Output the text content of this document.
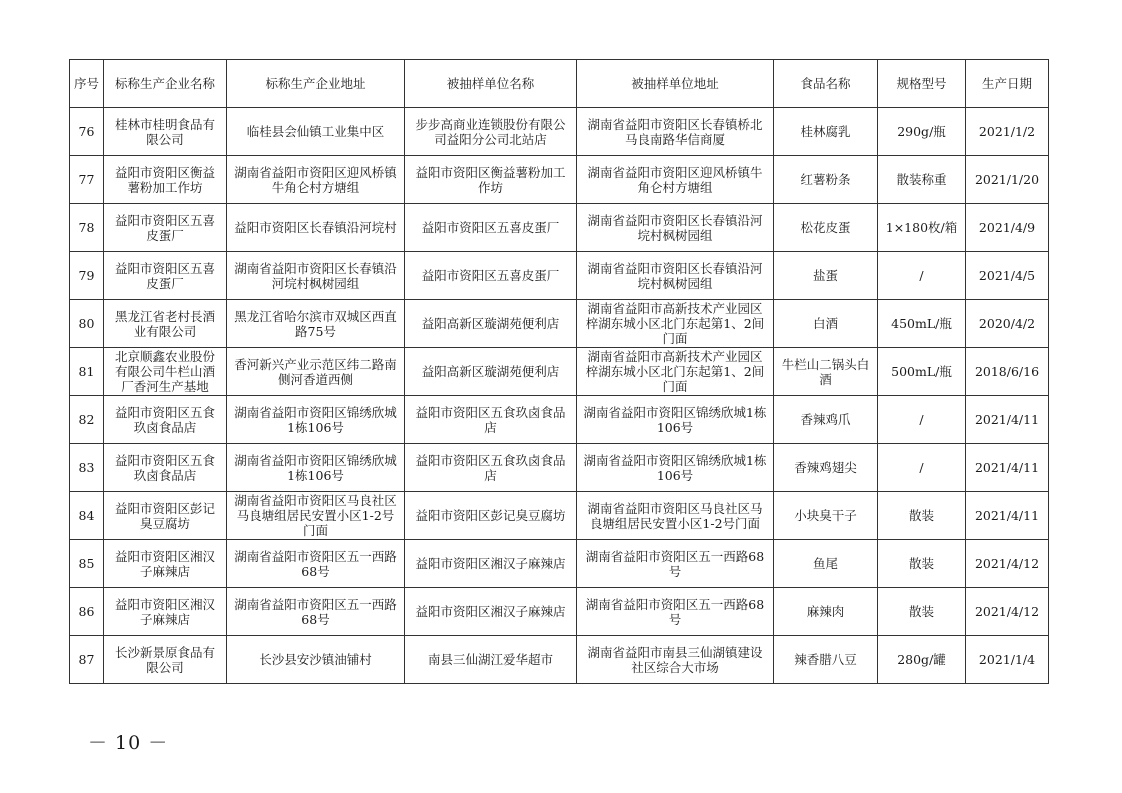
序号	标称生产企业名称	标称生产企业地址	被抽样单位名称	被抽样单位地址	食品名称	规格型号	生产日期
76	桂林市桂明食品有限公司	临桂县会仙镇工业集中区	步步高商业连锁股份有限公司益阳分公司北站店	湖南省益阳市资阳区长春镇桥北马良南路华信商厦	桂林腐乳	290g/瓶	2021/1/2
77	益阳市资阳区衡益薯粉加工作坊	湖南省益阳市资阳区迎风桥镇牛角仑村方塘组	益阳市资阳区衡益薯粉加工作坊	湖南省益阳市资阳区迎风桥镇牛角仑村方塘组	红薯粉条	散装称重	2021/1/20
78	益阳市资阳区五喜皮蛋厂	益阳市资阳区长春镇沿河垸村	益阳市资阳区五喜皮蛋厂	湖南省益阳市资阳区长春镇沿河垸村枫树园组	松花皮蛋	1×180枚/箱	2021/4/9
79	益阳市资阳区五喜皮蛋厂	湖南省益阳市资阳区长春镇沿河垸村枫树园组	益阳市资阳区五喜皮蛋厂	湖南省益阳市资阳区长春镇沿河垸村枫树园组	盐蛋	/	2021/4/5
80	黑龙江省老村長酒业有限公司	黑龙江省哈尔滨市双城区西直路75号	益阳高新区璇湖苑便利店	湖南省益阳市高新技术产业园区梓湖东城小区北门东起第1、2间门面	白酒	450mL/瓶	2020/4/2
81	北京顺鑫农业股份有限公司牛栏山酒厂香河生产基地	香河新兴产业示范区纬二路南侧河香道西侧	益阳高新区璇湖苑便利店	湖南省益阳市高新技术产业园区梓湖东城小区北门东起第1、2间门面	牛栏山二锅头白酒	500mL/瓶	2018/6/16
82	益阳市资阳区五食玖卤食品店	湖南省益阳市资阳区锦绣欣城1栋106号	益阳市资阳区五食玖卤食品店	湖南省益阳市资阳区锦绣欣城1栋106号	香辣鸡爪	/	2021/4/11
83	益阳市资阳区五食玖卤食品店	湖南省益阳市资阳区锦绣欣城1栋106号	益阳市资阳区五食玖卤食品店	湖南省益阳市资阳区锦绣欣城1栋106号	香辣鸡翅尖	/	2021/4/11
84	益阳市资阳区彭记臭豆腐坊	湖南省益阳市资阳区马良社区马良塘组居民安置小区1-2号门面	益阳市资阳区彭记臭豆腐坊	湖南省益阳市资阳区马良社区马良塘组居民安置小区1-2号门面	小块臭干子	散装	2021/4/11
85	益阳市资阳区湘汉子麻辣店	湖南省益阳市资阳区五一西路68号	益阳市资阳区湘汉子麻辣店	湖南省益阳市资阳区五一西路68号	鱼尾	散装	2021/4/12
86	益阳市资阳区湘汉子麻辣店	湖南省益阳市资阳区五一西路68号	益阳市资阳区湘汉子麻辣店	湖南省益阳市资阳区五一西路68号	麻辣肉	散装	2021/4/12
87	长沙新景原食品有限公司	长沙县安沙镇油铺村	南县三仙湖江爱华超市	湖南省益阳市南县三仙湖镇建设社区综合大市场	辣香腊八豆	280g/罐	2021/1/4
－ 10 －
